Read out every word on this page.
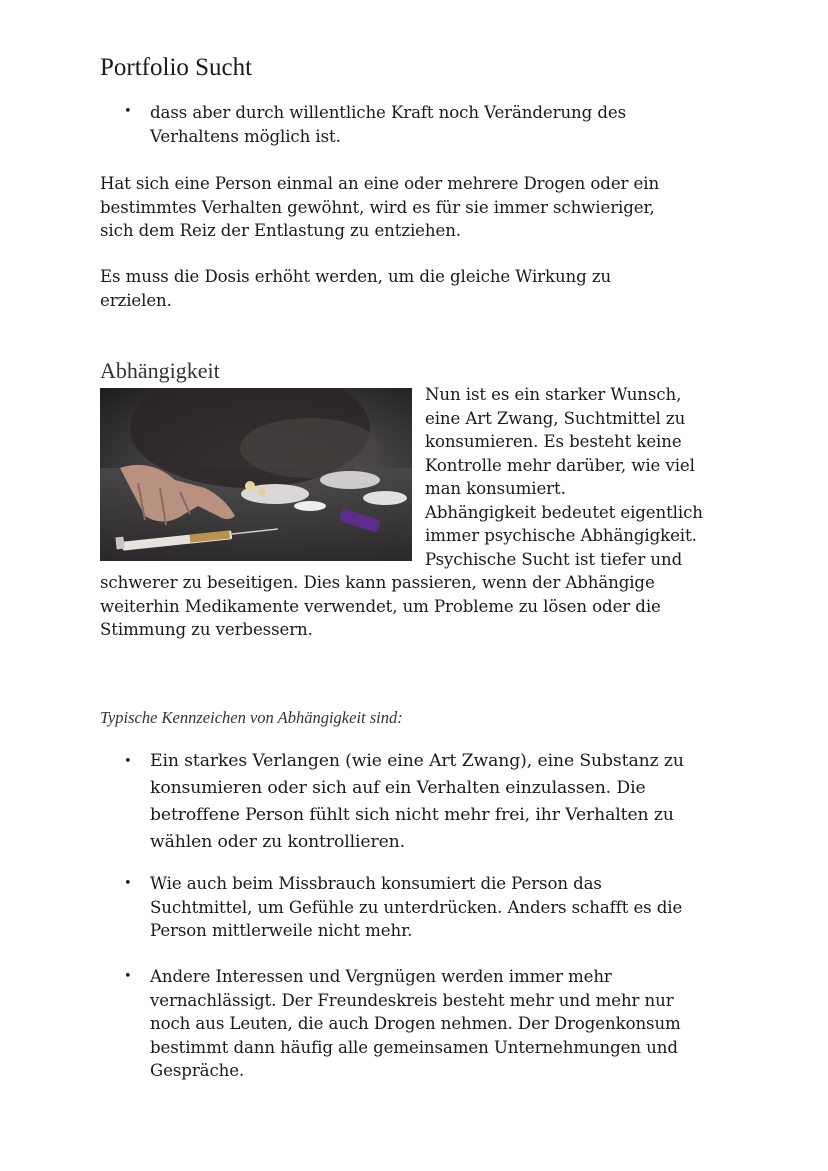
Portfolio Sucht
• dass aber durch willentliche Kraft noch Veränderung des
Verhaltens möglich ist.

Hat sich eine Person einmal an eine oder mehrere Drogen oder ein
bestimmtes Verhalten gewöhnt, wird es für sie immer schwieriger,
sich dem Reiz der Entlastung zu entziehen.

Es muss die Dosis erhöht werden, um die gleiche Wirkung zu
erzielen.

Abhängigkeit

Nun ist es ein starker Wunsch,
eine Art Zwang, Suchtmittel zu
konsumieren. Es besteht keine
Kontrolle mehr darüber, wie viel
man konsumiert.
Abhängigkeit bedeutet eigentlich
immer psychische Abhängigkeit.
Psychische Sucht ist tiefer und

schwerer zu beseitigen. Dies kann passieren, wenn der Abhängige
weiterhin Medikamente verwendet, um Probleme zu lösen oder die
Stimmung zu verbessern.

Typische Kennzeichen von Abhängigkeit sind:

• Ein starkes Verlangen (wie eine Art Zwang), eine Substanz zu
konsumieren oder sich auf ein Verhalten einzulassen. Die
betroffene Person fühlt sich nicht mehr frei, ihr Verhalten zu
wählen oder zu kontrollieren.

• Wie auch beim Missbrauch konsumiert die Person das
Suchtmittel, um Gefühle zu unterdrücken. Anders schafft es die
Person mittlerweile nicht mehr.

• Andere Interessen und Vergnügen werden immer mehr
vernachlässigt. Der Freundeskreis besteht mehr und mehr nur
noch aus Leuten, die auch Drogen nehmen. Der Drogenkonsum
bestimmt dann häufig alle gemeinsamen Unternehmungen und
Gespräche.
